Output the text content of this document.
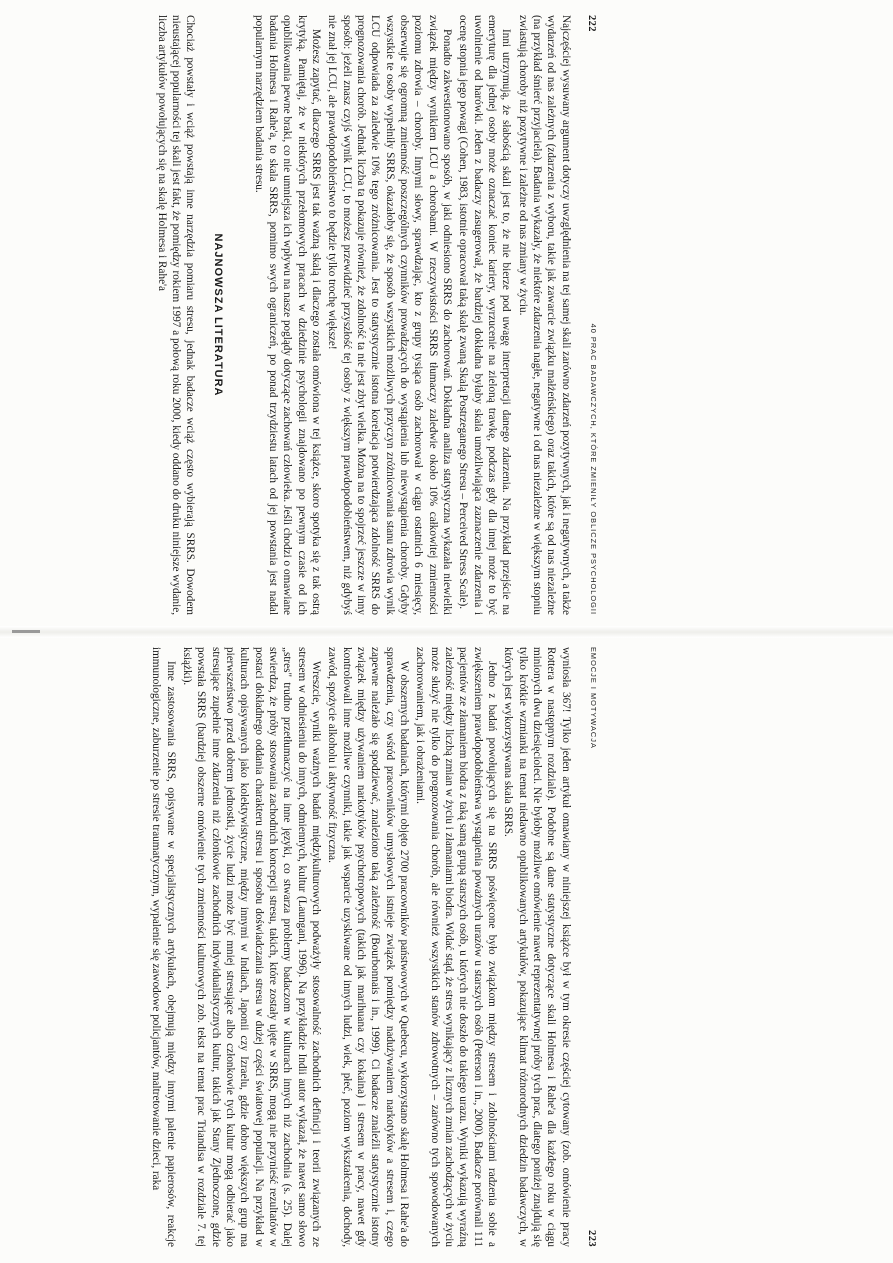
222
40 PRAC BADAWCZYCH, KTÓRE ZMIENIŁY OBLICZE PSYCHOLOGII

Najczęściej wysuwany argument dotyczy uwzględnienia na tej samej skali zarówno zdarzeń pozytywnych, jak i negatywnych, a także wydarzeń od nas zależnych (zdarzenia z wyboru, takie jak zawarcie związku małżeńskiego) oraz takich, które są od nas niezależne (na przykład śmierć przyjaciela). Badania wykazały, że niektóre zdarzenia nagłe, negatywne i od nas niezależne w większym stopniu zwiastują choroby niż pozytywne i zależne od nas zmiany w życiu.

Inni utrzymują, że słabością skali jest to, że nie bierze pod uwagę interpretacji danego zdarzenia. Na przykład przejście na emeryturę dla jednej osoby może oznaczać koniec kariery, wyrzucenie na zieloną trawkę, podczas gdy dla innej może to być uwolnienie od harówki. Jeden z badaczy zasugerował, że bardziej dokładna byłaby skala umożliwiająca zaznaczenie zdarzenia i ocenę stopnia jego powagi (Cohen, 1983, istotnie opracował taką skalę zwaną Skalą Postrzeganego Stresu – Perceived Stress Scale).

Ponadto zakwestionowano sposób, w jaki odniesiono SRRS do zachorowań. Dokładna analiza statystyczna wykazała niewielki związek między wynikiem LCU a chorobami. W rzeczywistości SRRS tłumaczy zaledwie około 10% całkowitej zmienności poziomu zdrowia – choroby. Innymi słowy, sprawdzając, kto z grupy tysiąca osób zachorował w ciągu ostatnich 6 miesięcy, obserwuje się ogromną zmienność poszczególnych czynników prowadzących do wystąpienia lub niewystąpienia choroby. Gdyby wszystkie te osoby wypełniły SRRS, okazałoby się, że sposób wszystkich możliwych przyczyn zróżnicowania stanu zdrowia wynik LCU odpowiada za zaledwie 10% tego zróżnicowania. Jest to statystycznie istotna korelacja potwierdzająca zdolność SRRS do prognozowania chorób. Jednak liczba ta pokazuje również, że zdolność ta nie jest zbyt wielka. Można na to spojrzeć jeszcze w inny sposób: jeżeli znasz czyjś wynik LCU, to możesz przewidzieć przyszłość tej osoby z większym prawdopodobieństwem, niż gdybyś nie znał jej LCU, ale prawdopodobieństwo to będzie tylko trochę większe!

Możesz zapytać, dlaczego SRRS jest tak ważną skalą i dlaczego została omówiona w tej książce, skoro spotyka się z tak ostrą krytyką. Pamiętaj, że w niektórych przełomowych pracach w dziedzinie psychologii znajdowano po pewnym czasie od ich opublikowania pewne braki, co nie umniejsza ich wpływu na nasze poglądy dotyczące zachowań człowieka. Jeśli chodzi o omawiane badania Holmesa i Rahe'a, to skala SRRS, pomimo swych ograniczeń, po ponad trzydziestu latach od jej powstania jest nadal popularnym narzędziem badania stresu.

NAJNOWSZA LITERATURA

Chociaż powstały i wciąż powstają inne narzędzia pomiaru stresu, jednak badacze wciąż często wybierają SRRS. Dowodem nieustającej popularności tej skali jest fakt, że pomiędzy rokiem 1997 a połową roku 2000, kiedy oddano do druku niniejsze wydanie, liczba artykułów powołujących się na skalę Holmesa i Rahe'a

EMOCJE I MOTYWACJA
223

wyniosła 367! Tylko jeden artykuł omawiany w niniejszej książce był w tym okresie częściej cytowany (zob. omówienie pracy Rottera w następnym rozdziale). Podobne są dane statystyczne dotyczące skali Holmesa i Rahe'a dla każdego roku w ciągu minionych dwu dziesięcioleci. Nie byłoby możliwe omówienie nawet reprezentatywnej próby tych prac, dlatego poniżej znajdują się tylko krótkie wzmianki na temat niedawno opublikowanych artykułów, pokazujące klimat różnorodnych dziedzin badawczych, w których jest wykorzystywana skala SRRS.

Jedno z badań powołujących się na SRRS poświęcone było związkom między stresem i zdolnościami radzenia sobie a zwiększeniem prawdopodobieństwa wystąpienia poważnych urazów u starszych osób (Peterson i in., 2000). Badacze porównali 111 pacjentów ze złamaniem biodra z taką samą grupą starszych osób, u których nie doszło do takiego urazu. Wyniki wykazują wyraźną zależność między liczbą zmian w życiu i złamaniami biodra. Widać stąd, że stres wynikający z licznych zmian zachodzących w życiu może służyć nie tylko do prognozowania chorób, ale również wszystkich stanów zdrowotnych – zarówno tych spowodowanych zachorowaniem, jak i obrażeniami.

W obszernych badaniach, którymi objęto 2700 pracowników państwowych w Quebecu, wykorzystano skalę Holmesa i Rahe'a do sprawdzenia, czy wśród pracowników umysłowych istnieje związek pomiędzy nadużywaniem narkotyków a stresem i, czego zapewne należało się spodziewać, znaleziono taką zależność (Bourbonnais i in., 1999). Ci badacze znaleźli statystycznie istotny związek między używaniem narkotyków psychotropowych (takich jak marihuana czy kokaina) i stresem w pracy, nawet gdy kontrolowali inne możliwe czynniki, takie jak wsparcie uzyskiwane od innych ludzi, wiek, płeć, poziom wykształcenia, dochody, zawód, spożycie alkoholu i aktywność fizyczna.

Wreszcie, wyniki ważnych badań międzykulturowych podważyły stosowalność zachodnich definicji i teorii związanych ze stresem w odniesieniu do innych, odmiennych, kultur (Laungani, 1996). Na przykładzie Indii autor wykazał, że nawet samo słowo „stres" trudno przetłumaczyć na inne języki, co stwarza problemy badaczom w kulturach innych niż zachodnia (s. 25). Dalej stwierdza, że próby stosowania zachodnich koncepcji stresu, takich, które zostały ujęte w SRRS, mogą nie przynieść rezultatów w postaci dokładnego oddania charakteru stresu i sposobu doświadczania stresu w dużej części światowej populacji. Na przykład w kulturach opisywanych jako kolektywistyczne, między innymi w Indiach, Japonii czy Izraelu, gdzie dobro większych grup ma pierwszeństwo przed dobrem jednostki, życie ludzi może być mniej stresujące albo członkowie tych kultur mogą odbierać jako stresujące zupełnie inne zdarzenia niż członkowie zachodnich indywidualistycznych kultur, takich jak Stany Zjednoczone, gdzie powstała SRRS (bardziej obszerne omówienie tych zmienności kulturowych zob. tekst na temat prac Triandisa w rozdziale 7. tej książki).

Inne zastosowania SRRS, opisywane w specjalistycznych artykułach, obejmują między innymi palenie papierosów, reakcje immunologiczne, zaburzenie po stresie traumatycznym, wypalenie się zawodowe policjantów, maltretowanie dzieci, raka
